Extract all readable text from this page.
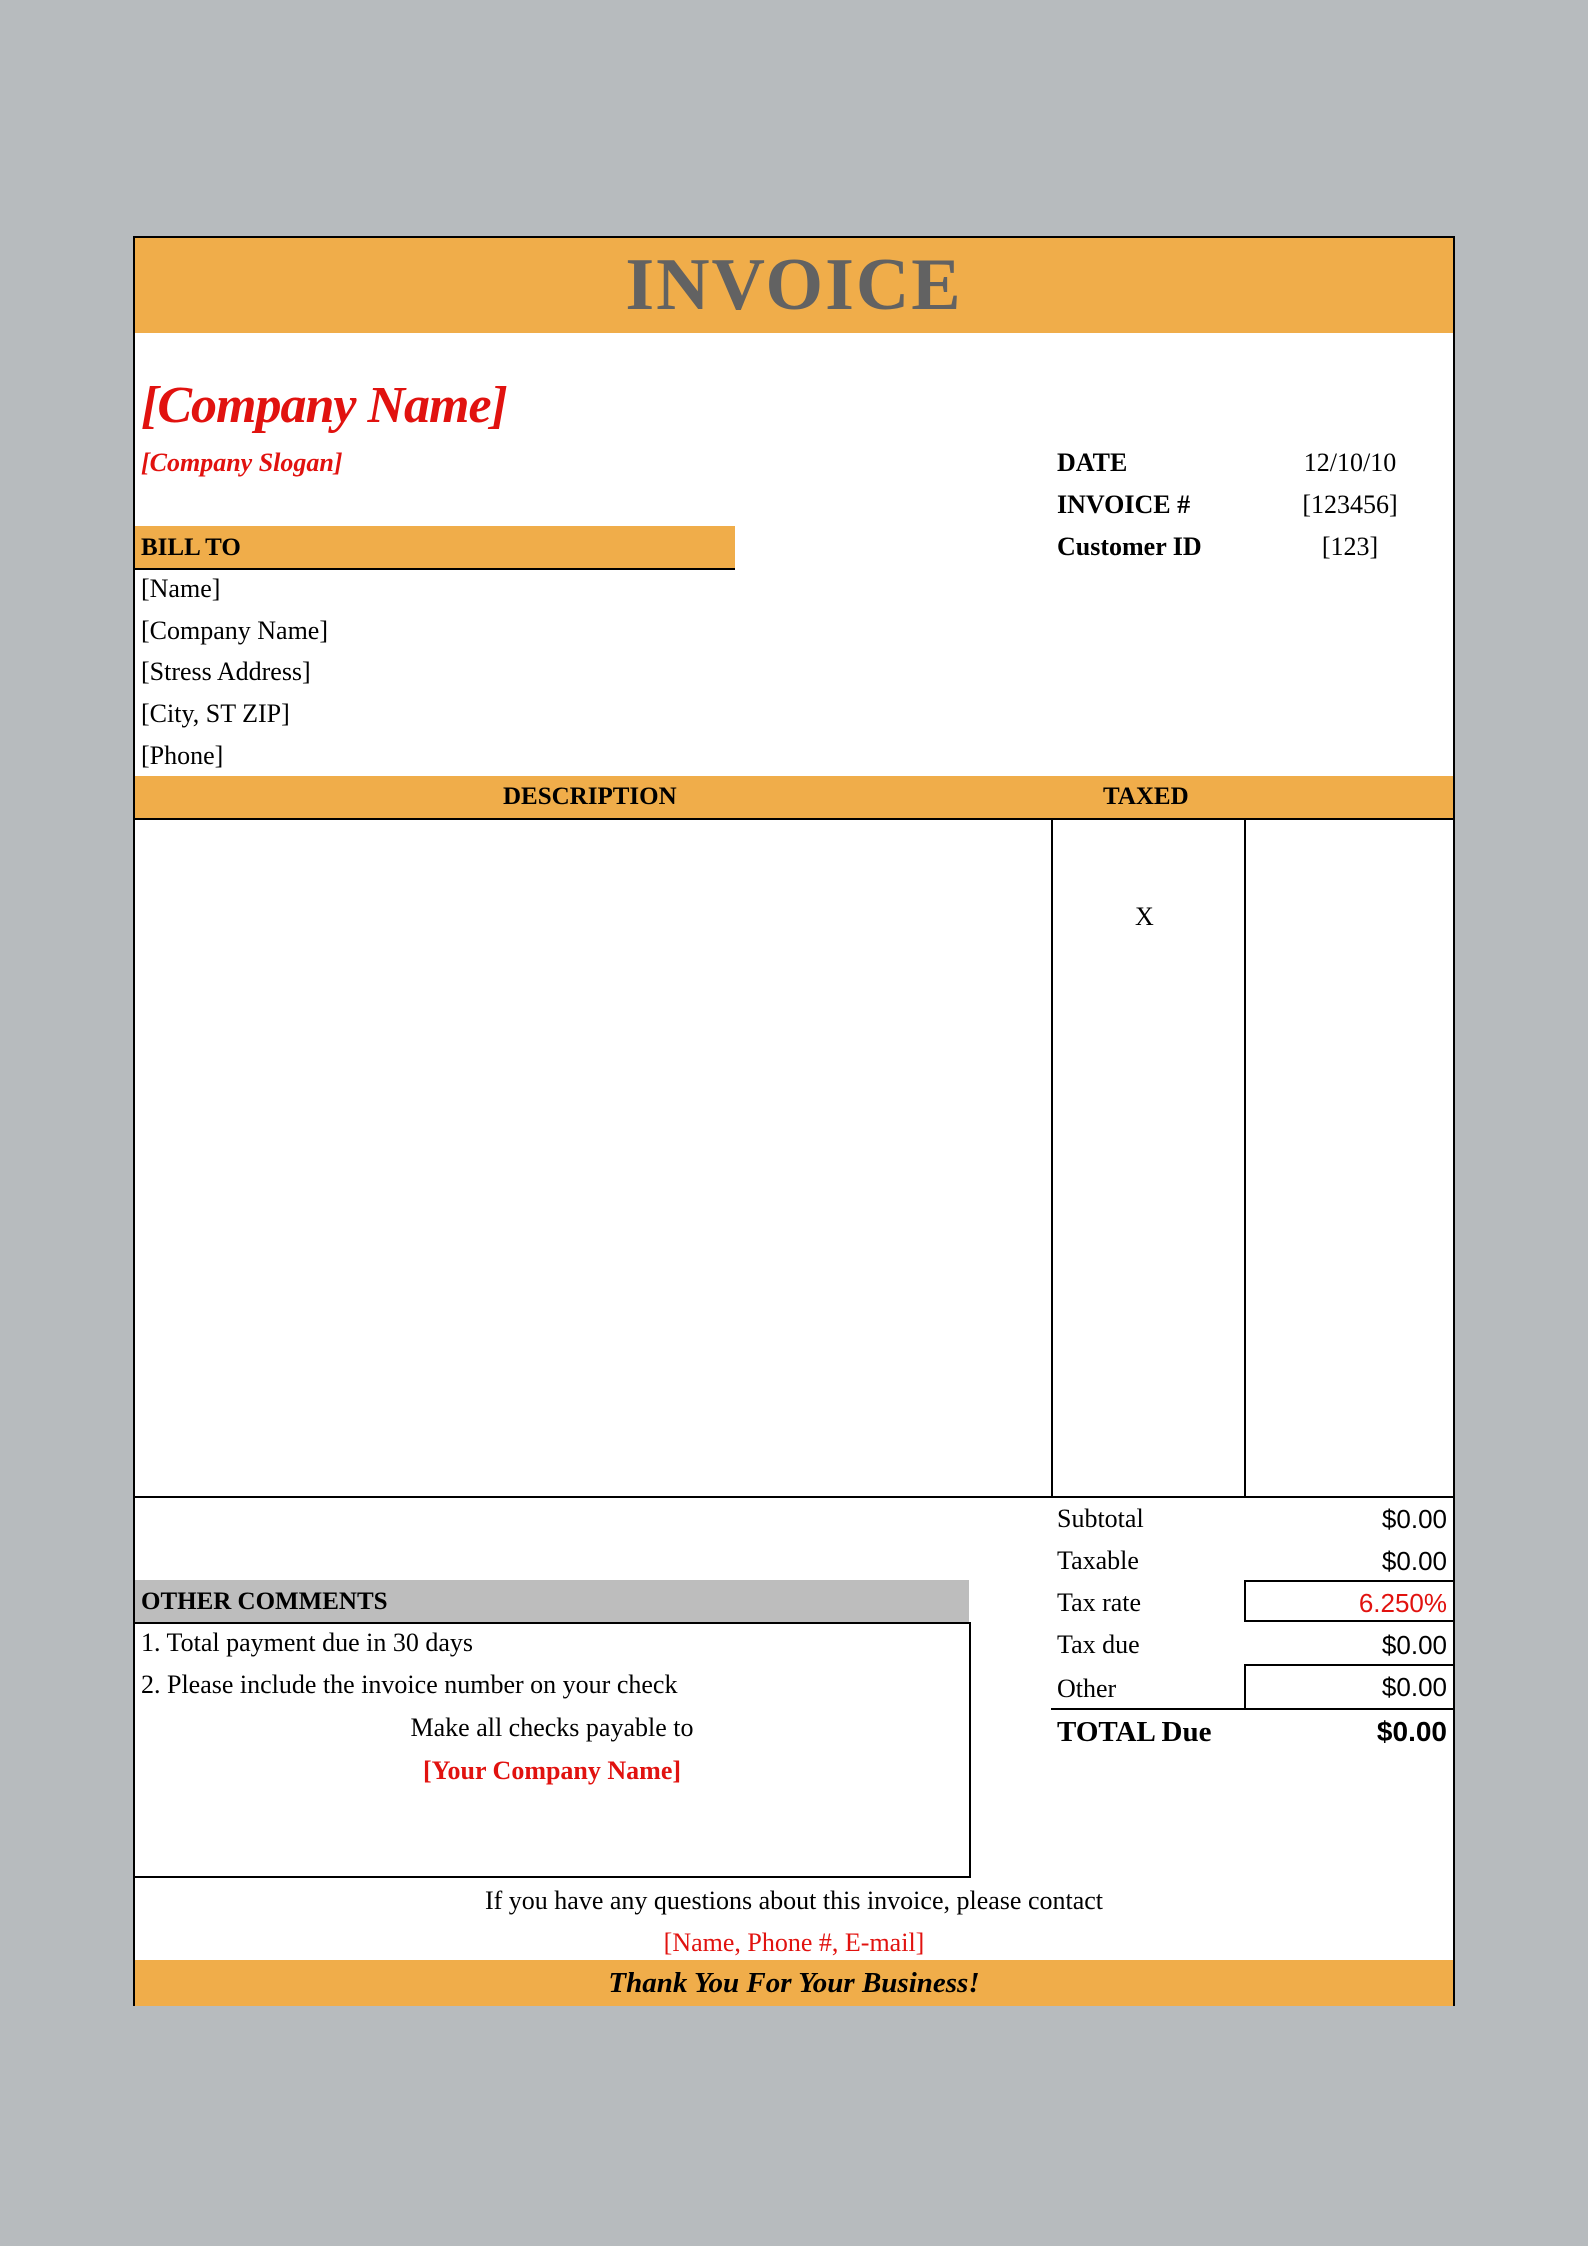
INVOICE
[Company Name]
[Company Slogan]	DATE	12/10/10
INVOICE #	[123456]
Customer ID	[123]
BILL TO
[Name]
[Company Name]
[Stress Address]
[City, ST ZIP]
[Phone]
DESCRIPTION	TAXED
X
Subtotal	$0.00
Taxable	$0.00
Tax rate	6.250%
Tax due	$0.00
Other	$0.00
TOTAL Due	$0.00
OTHER COMMENTS
1. Total payment due in 30 days
2. Please include the invoice number on your check
Make all checks payable to
[Your Company Name]
If you have any questions about this invoice, please contact
[Name, Phone #, E-mail]
Thank You For Your Business!
